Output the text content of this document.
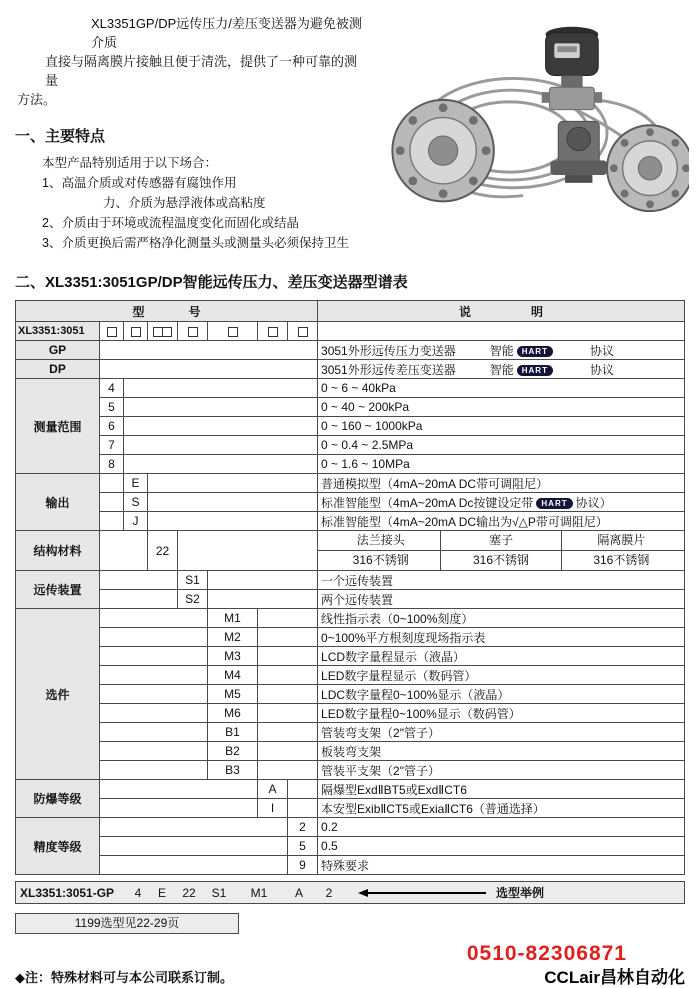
XL3351GP/DP远传压力/差压变送器为避免被测介质
直接与隔离膜片接触且便于清洗，提供了一种可靠的测量
方法。
一、主要特点
本型产品特别适用于以下场合：
1、高温介质或对传感器有腐蚀作用
力、介质为悬浮液体或高粘度
2、介质由于环境或流程温度变化而固化或结晶
3、介质更换后需严格净化测量头或测量头必须保持卫生
二、XL3351:3051GP/DP智能远传压力、差压变送器型谱表
型 号								说 明

XL3351:3051								
GP								3051外形远传压力变送器 智能 HART 协议

DP								3051外形远传差压变送器 智能 HART 协议

测量范围	4							0 ~ 6 ~ 40kPa
	5							0 ~ 40 ~ 200kPa
	6							0 ~ 160 ~ 1000kPa
	7							0 ~ 0.4 ~ 2.5MPa
	8							0 ~ 1.6 ~ 10MPa
输出		E						普通模拟型（4mA~20mA DC带可调阻尼）
		S						标准智能型（4mA~20mA Dc按键设定带 HART 协议）
		J						标准智能型（4mA~20mA DC输出为√△P带可调阻尼）
结构材料			22					法兰接头 塞子 隔离膜片

								316不锈钢 316不锈钢 316不锈钢

远传装置				S1				一个远传装置
				S2				两个远传装置
选件					M1			线性指示表（0~100%刻度）
					M2			0~100%平方根刻度现场指示表
					M3			LCD数字量程显示（液晶）
					M4			LED数字量程显示（数码管）
					M5			LDC数字量程0~100%显示（液晶）
					M6			LED数字量程0~100%显示（数码管）
					B1			管装弯支架（2"管子）
					B2			板装弯支架
					B3			管装平支架（2"管子）
防爆等级						A		隔爆型ExdⅡBT5或ExdⅡCT6
						I		本安型ExibⅡCT5或ExiaⅡCT6（普通选择）
精度等级							2	0.2
							5	0.5
							9	特殊要求
XL3351:3051-GP	4	E	22	S1	M1	A	2	选型举例
1199选型见22-29页
◆注：特殊材料可与本公司联系订制。
0510-82306871
CCLair昌林自动化
